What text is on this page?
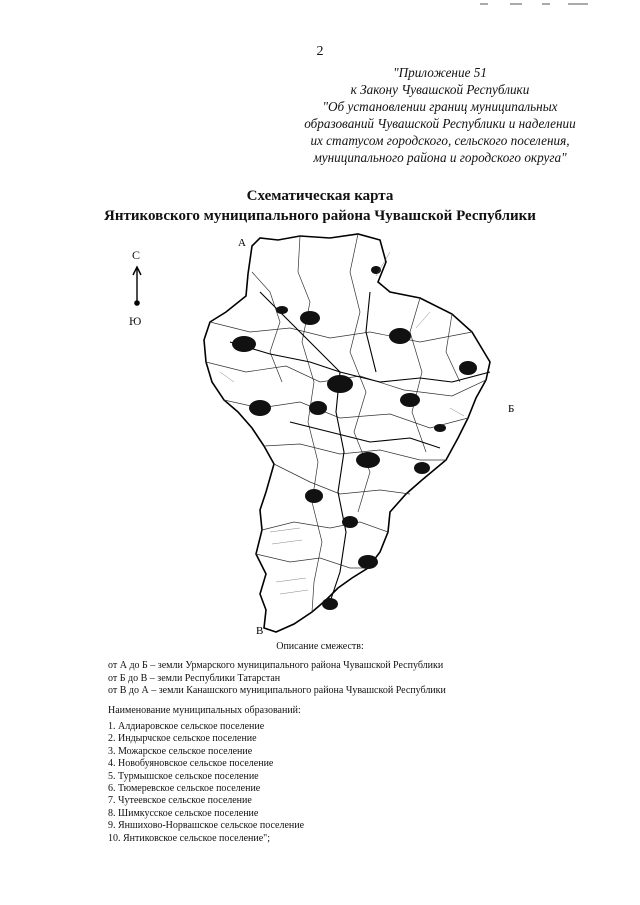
2
"Приложение 51
к Закону Чувашской Республики
"Об установлении границ муниципальных
образований Чувашской Республики и наделении
их статусом городского, сельского поселения,
муниципального района и городского округа"
Схематическая карта
Янтиковского муниципального района Чувашской Республики
С
Ю
А
Б
В
Описание смежеств:
от А до Б – земли Урмарского муниципального района Чувашской Республики
от Б до В – земли Республики Татарстан
от В до А – земли Канашского муниципального района Чувашской Республики
Наименование муниципальных образований:
1. Алдиаровское сельское поселение
2. Индырчское сельское поселение
3. Можарское сельское поселение
4. Новобуяновское сельское поселение
5. Турмышское сельское поселение
6. Тюмеревское сельское поселение
7. Чутеевское сельское поселение
8. Шимкусское сельское поселение
9. Яншихово-Норвашское сельское поселение
10. Янтиковское сельское поселение";
